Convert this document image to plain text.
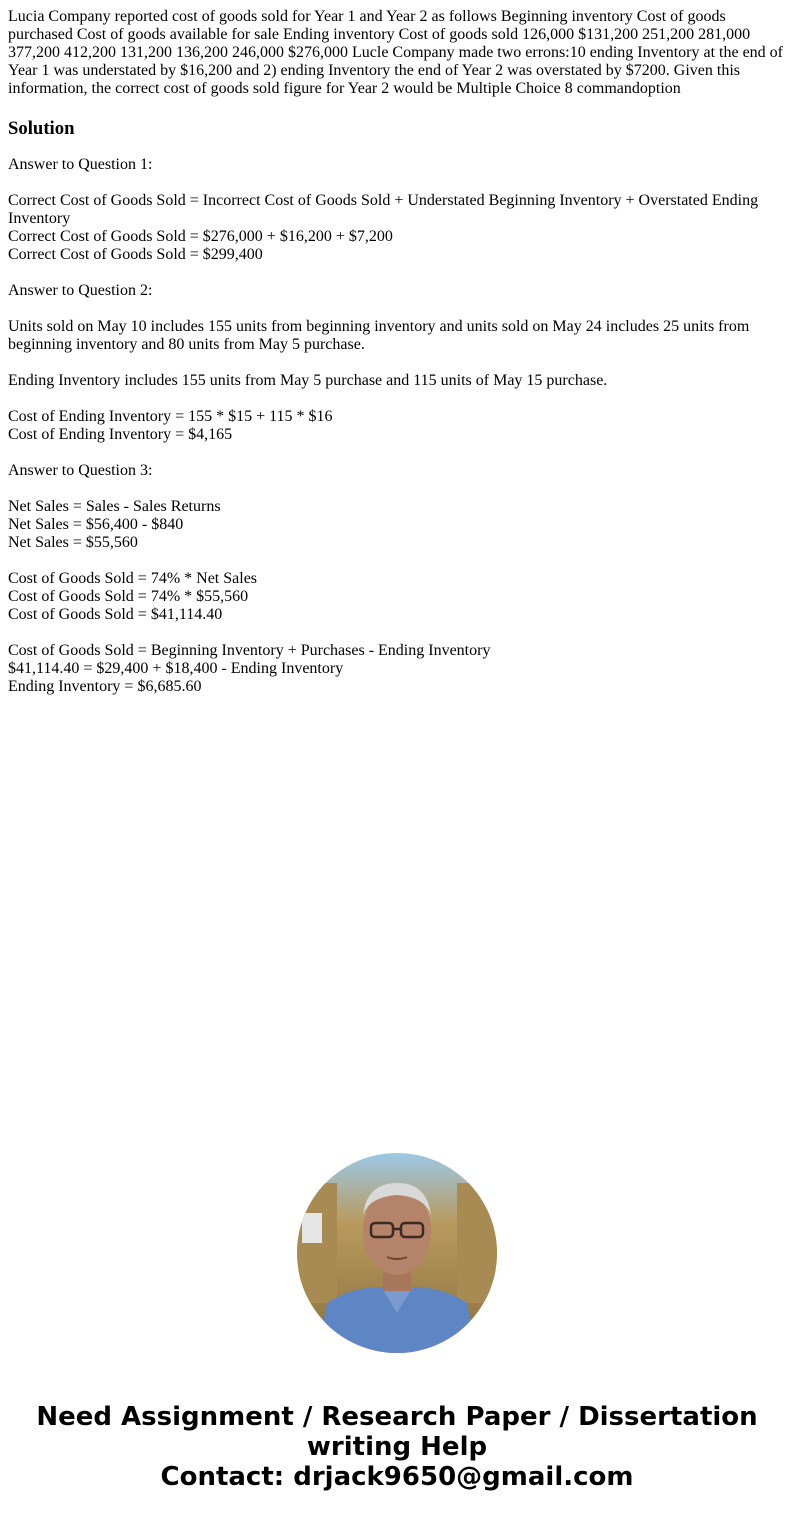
Lucia Company reported cost of goods sold for Year 1 and Year 2 as follows Beginning inventory Cost of goods purchased Cost of goods available for sale Ending inventory Cost of goods sold 126,000 $131,200 251,200 281,000 377,200 412,200 131,200 136,200 246,000 $276,000 Lucle Company made two errons:10 ending Inventory at the end of Year 1 was understated by $16,200 and 2) ending Inventory the end of Year 2 was overstated by $7200. Given this information, the correct cost of goods sold figure for Year 2 would be Multiple Choice 8 commandoption

Solution

Answer to Question 1:

Correct Cost of Goods Sold = Incorrect Cost of Goods Sold + Understated Beginning Inventory + Overstated Ending Inventory
Correct Cost of Goods Sold = $276,000 + $16,200 + $7,200
Correct Cost of Goods Sold = $299,400

Answer to Question 2:

Units sold on May 10 includes 155 units from beginning inventory and units sold on May 24 includes 25 units from beginning inventory and 80 units from May 5 purchase.

Ending Inventory includes 155 units from May 5 purchase and 115 units of May 15 purchase.

Cost of Ending Inventory = 155 * $15 + 115 * $16
Cost of Ending Inventory = $4,165

Answer to Question 3:

Net Sales = Sales - Sales Returns
Net Sales = $56,400 - $840
Net Sales = $55,560

Cost of Goods Sold = 74% * Net Sales
Cost of Goods Sold = 74% * $55,560
Cost of Goods Sold = $41,114.40

Cost of Goods Sold = Beginning Inventory + Purchases - Ending Inventory
$41,114.40 = $29,400 + $18,400 - Ending Inventory
Ending Inventory = $6,685.60

Need Assignment / Research Paper / Dissertation
writing Help
Contact: drjack9650@gmail.com
